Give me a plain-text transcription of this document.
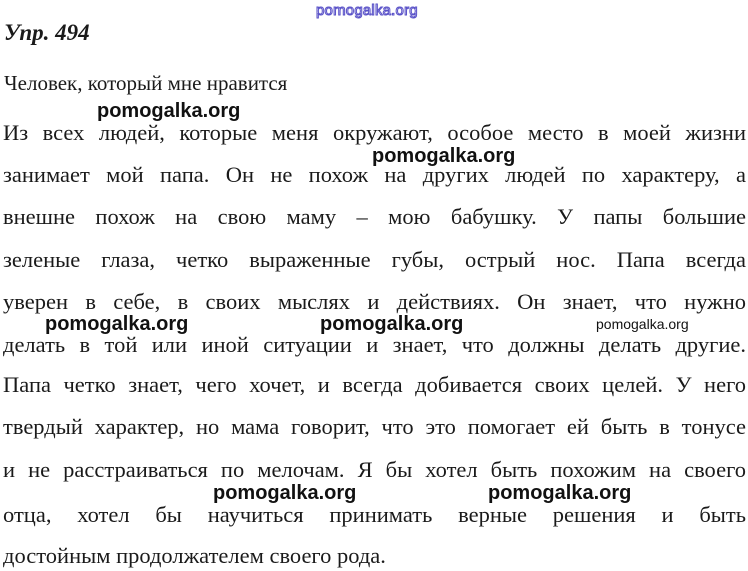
pomogalka.org
Упр. 494
Человек, который мне нравится
Из всех людей, которые меня окружают, особое место в моей жизни
занимает мой папа. Он не похож на других людей по характеру, а
внешне похож на свою маму – мою бабушку. У папы большие
зеленые глаза, четко выраженные губы, острый нос. Папа всегда
уверен в себе, в своих мыслях и действиях. Он знает, что нужно
делать в той или иной ситуации и знает, что должны делать другие.
Папа четко знает, чего хочет, и всегда добивается своих целей. У него
твердый характер, но мама говорит, что это помогает ей быть в тонусе
и не расстраиваться по мелочам. Я бы хотел быть похожим на своего
отца, хотел бы научиться принимать верные решения и быть
достойным продолжателем своего рода.
pomogalka.org
pomogalka.org
pomogalka.org	pomogalka.org	pomogalka.org
pomogalka.org	pomogalka.org
